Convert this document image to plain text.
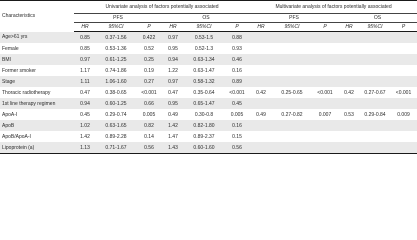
Characteristics	Univariate analysis of factors potentially associated						Multivariate analysis of factors potentially associated					
	PFS			OS			PFS			OS		
	HR	95%CI	P	HR	95%CI	P	HR	95%CI	P	HR	95%CI	P
Age>61 yrs	0.85	0.37-1.56	0.422	0.97	0.53-1.5	0.88						
Female	0.85	0.53-1.36	0.52	0.95	0.52-1.3	0.93						
BMI	0.97	0.61-1.25	0.25	0.94	0.63-1.34	0.46						
Former smoker	1.17	0.74-1.86	0.19	1.22	0.63-1.47	0.16						
Stage	1.11	1.06-1.60	0.27	0.97	0.58-1.32	0.89						
Thoracic radiotherapy	0.47	0.38-0.65	<0.001	0.47	0.35-0.64	<0.001	0.42	0.25-0.65	<0.001	0.42	0.27-0.67	<0.001
1st line therapy regimen	0.94	0.60-1.25	0.66	0.95	0.65-1.47	0.45						
ApoA-I	0.45	0.29-0.74	0.005	0.49	0.30-0.8	0.005	0.49	0.27-0.82	0.007	0.53	0.29-0.84	0.009
ApoB	1.02	0.63-1.65	0.82	1.42	0.82-1.80	0.16						
ApoB/ApoA-I	1.42	0.89-2.28	0.14	1.47	0.89-2.37	0.15						
Lipoprotein (a)	1.13	0.71-1.67	0.56	1.43	0.60-1.60	0.56						
